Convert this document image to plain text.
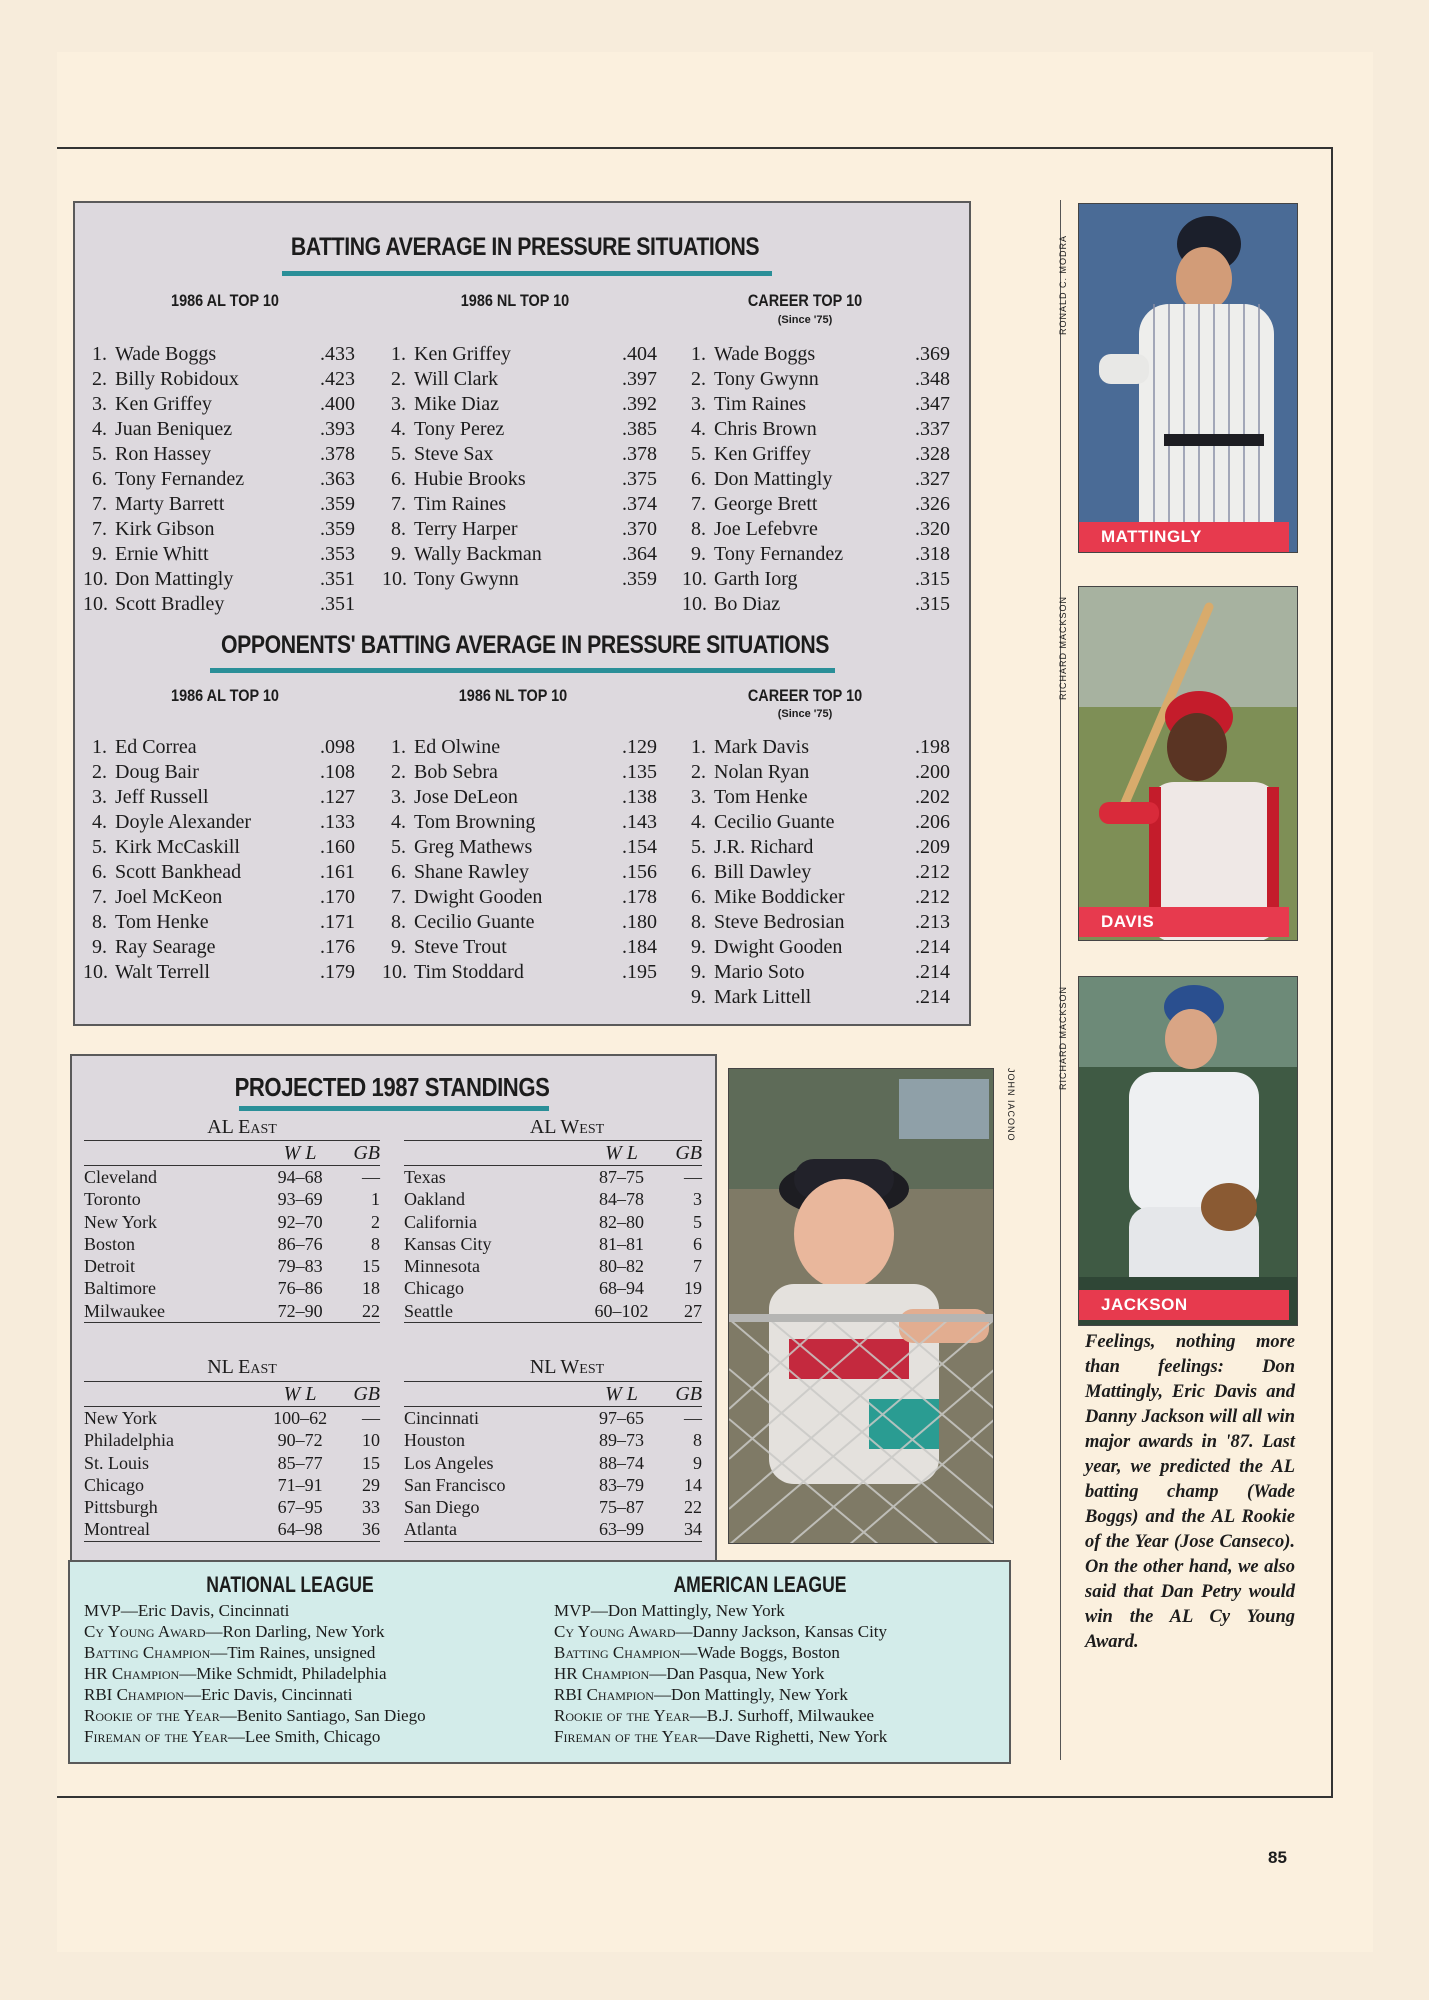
BATTING AVERAGE IN PRESSURE SITUATIONS
1986 AL TOP 10	1986 NL TOP 10	CAREER TOP 10
(Since '75)
1. Wade Boggs	.433
2. Billy Robidoux	.423
3. Ken Griffey	.400
4. Juan Beniquez	.393
5. Ron Hassey	.378
6. Tony Fernandez	.363
7. Marty Barrett	.359
7. Kirk Gibson	.359
9. Ernie Whitt	.353
10. Don Mattingly	.351
10. Scott Bradley	.351
1. Ken Griffey	.404
2. Will Clark	.397
3. Mike Diaz	.392
4. Tony Perez	.385
5. Steve Sax	.378
6. Hubie Brooks	.375
7. Tim Raines	.374
8. Terry Harper	.370
9. Wally Backman	.364
10. Tony Gwynn	.359
1. Wade Boggs	.369
2. Tony Gwynn	.348
3. Tim Raines	.347
4. Chris Brown	.337
5. Ken Griffey	.328
6. Don Mattingly	.327
7. George Brett	.326
8. Joe Lefebvre	.320
9. Tony Fernandez	.318
10. Garth Iorg	.315
10. Bo Diaz	.315
OPPONENTS' BATTING AVERAGE IN PRESSURE SITUATIONS
1986 AL TOP 10	1986 NL TOP 10	CAREER TOP 10
(Since '75)
1. Ed Correa	.098
2. Doug Bair	.108
3. Jeff Russell	.127
4. Doyle Alexander	.133
5. Kirk McCaskill	.160
6. Scott Bankhead	.161
7. Joel McKeon	.170
8. Tom Henke	.171
9. Ray Searage	.176
10. Walt Terrell	.179
1. Ed Olwine	.129
2. Bob Sebra	.135
3. Jose DeLeon	.138
4. Tom Browning	.143
5. Greg Mathews	.154
6. Shane Rawley	.156
7. Dwight Gooden	.178
8. Cecilio Guante	.180
9. Steve Trout	.184
10. Tim Stoddard	.195
1. Mark Davis	.198
2. Nolan Ryan	.200
3. Tom Henke	.202
4. Cecilio Guante	.206
5. J.R. Richard	.209
6. Bill Dawley	.212
6. Mike Boddicker	.212
8. Steve Bedrosian	.213
9. Dwight Gooden	.214
9. Mario Soto	.214
9. Mark Littell	.214
PROJECTED 1987 STANDINGS
AL East	AL West
	W L	GB
Cleveland	94–68	—
Toronto	93–69	1
New York	92–70	2
Boston	86–76	8
Detroit	79–83	15
Baltimore	76–86	18
Milwaukee	72–90	22
	W L	GB
Texas	87–75	—
Oakland	84–78	3
California	82–80	5
Kansas City	81–81	6
Minnesota	80–82	7
Chicago	68–94	19
Seattle	60–102	27
NL East	NL West
	W L	GB
New York	100–62	—
Philadelphia	90–72	10
St. Louis	85–77	15
Chicago	71–91	29
Pittsburgh	67–95	33
Montreal	64–98	36
	W L	GB
Cincinnati	97–65	—
Houston	89–73	8
Los Angeles	88–74	9
San Francisco	83–79	14
San Diego	75–87	22
Atlanta	63–99	34
JOHN IACONO
NATIONAL LEAGUE
MVP—Eric Davis, Cincinnati
Cy Young Award—Ron Darling, New York
Batting Champion—Tim Raines, unsigned
HR Champion—Mike Schmidt, Philadelphia
RBI Champion—Eric Davis, Cincinnati
Rookie of the Year—Benito Santiago, San Diego
Fireman of the Year—Lee Smith, Chicago
AMERICAN LEAGUE
MVP—Don Mattingly, New York
Cy Young Award—Danny Jackson, Kansas City
Batting Champion—Wade Boggs, Boston
HR Champion—Dan Pasqua, New York
RBI Champion—Don Mattingly, New York
Rookie of the Year—B.J. Surhoff, Milwaukee
Fireman of the Year—Dave Righetti, New York
MATTINGLY
RONALD C. MODRA
DAVIS
RICHARD MACKSON
JACKSON
RICHARD MACKSON
Feelings, nothing more than feelings: Don Mattingly, Eric Davis and Danny Jackson will all win major awards in '87. Last year, we predicted the AL batting champ (Wade Boggs) and the AL Rookie of the Year (Jose Canseco). On the other hand, we also said that Dan Petry would win the AL Cy Young Award.
85
